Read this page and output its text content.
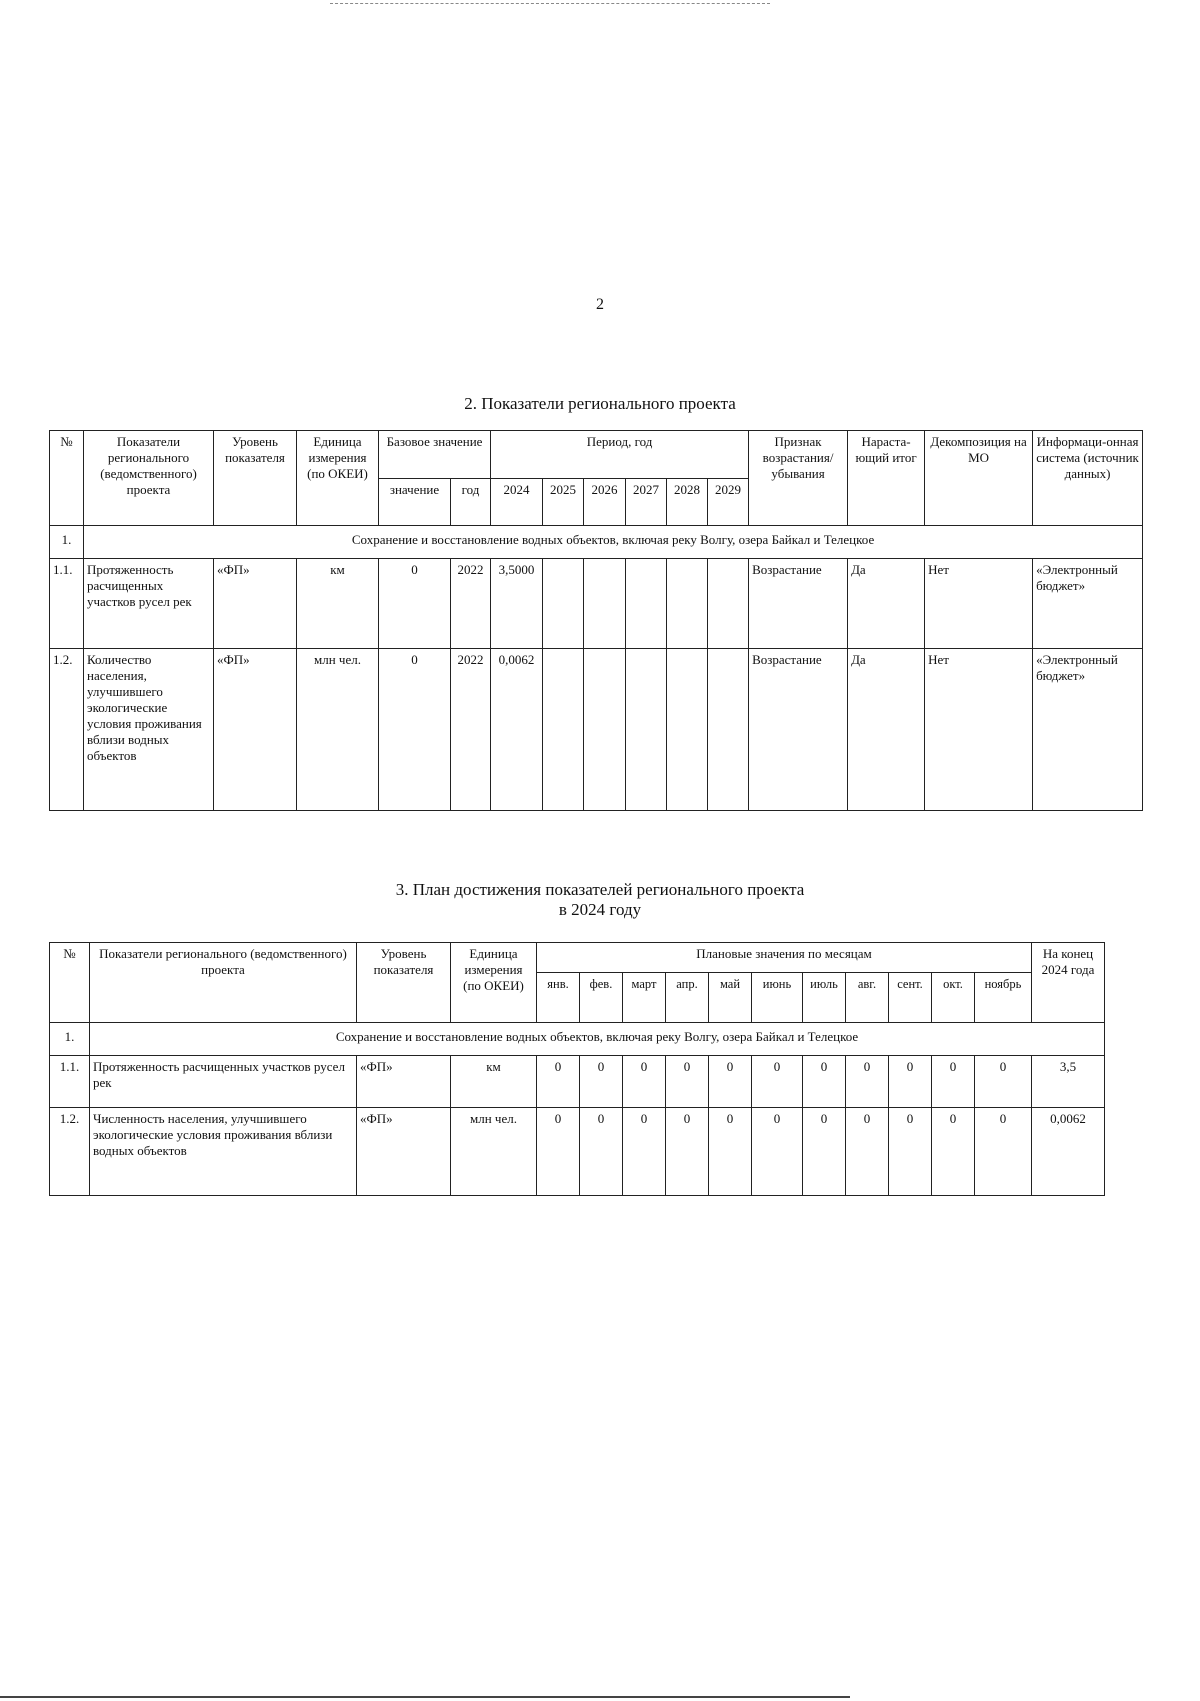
2
2. Показатели регионального проекта
№	Показатели регионального (ведомственного) проекта	Уровень показателя	Единица измерения (по ОКЕИ)	Базовое значение		Период, год						Признак возрастания/ убывания	Нараста-ющий итог	Декомпозиция на МО	Информаци-онная система (источник данных)
				значение	год	2024	2025	2026	2027	2028	2029				
1.	Сохранение и восстановление водных объектов, включая реку Волгу, озера Байкал и Телецкое														
1.1.	Протяженность расчищенных участков русел рек	«ФП»	км	0	2022	3,5000						Возрастание	Да	Нет	«Электронный бюджет»
1.2.	Количество населения, улучшившего экологические условия проживания вблизи водных объектов	«ФП»	млн чел.	0	2022	0,0062						Возрастание	Да	Нет	«Электронный бюджет»
3. План достижения показателей регионального проекта
в 2024 году
№	Показатели регионального (ведомственного) проекта	Уровень показателя	Единица измерения (по ОКЕИ)	Плановые значения по месяцам											На конец 2024 года
				янв.	фев.	март	апр.	май	июнь	июль	авг.	сент.	окт.	ноябрь	
1.	Сохранение и восстановление водных объектов, включая реку Волгу, озера Байкал и Телецкое														
1.1.	Протяженность расчищенных участков русел рек	«ФП»	км	0	0	0	0	0	0	0	0	0	0	0	3,5
1.2.	Численность населения, улучшившего экологические условия проживания вблизи водных объектов	«ФП»	млн чел.	0	0	0	0	0	0	0	0	0	0	0	0,0062
